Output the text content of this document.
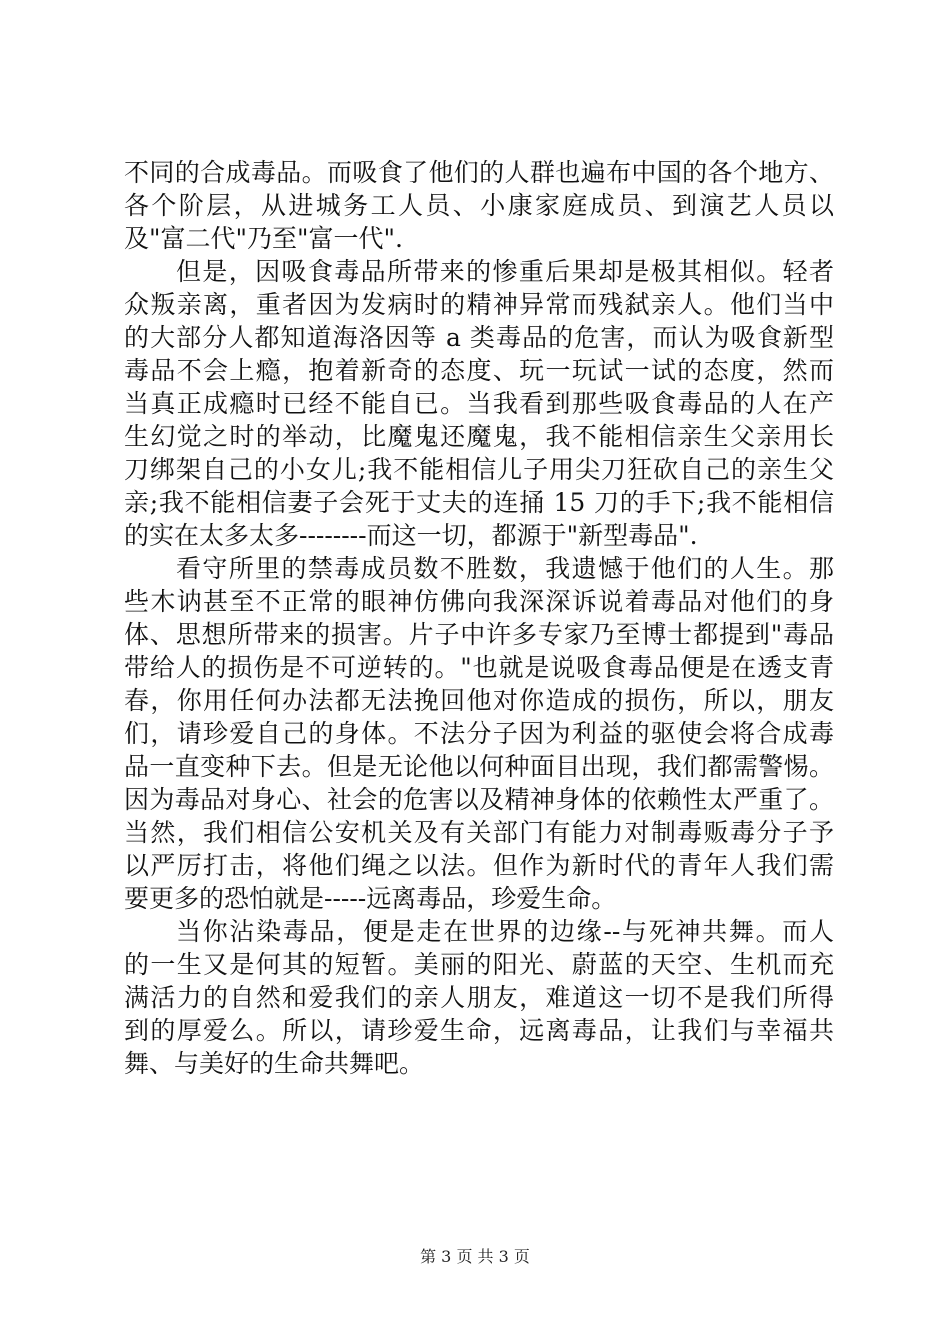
不同的合成毒品。而吸食了他们的人群也遍布中国的各个地方、
各个阶层，从进城务工人员、小康家庭成员、到演艺人员以
及"富二代"乃至"富一代".
但是，因吸食毒品所带来的惨重后果却是极其相似。轻者
众叛亲离，重者因为发病时的精神异常而残弑亲人。他们当中
的大部分人都知道海洛因等 a 类毒品的危害，而认为吸食新型
毒品不会上瘾，抱着新奇的态度、玩一玩试一试的态度，然而
当真正成瘾时已经不能自已。当我看到那些吸食毒品的人在产
生幻觉之时的举动，比魔鬼还魔鬼，我不能相信亲生父亲用长
刀绑架自己的小女儿;我不能相信儿子用尖刀狂砍自己的亲生父
亲;我不能相信妻子会死于丈夫的连捅 15 刀的手下;我不能相信
的实在太多太多--------而这一切，都源于"新型毒品".
看守所里的禁毒成员数不胜数，我遗憾于他们的人生。那
些木讷甚至不正常的眼神仿佛向我深深诉说着毒品对他们的身
体、思想所带来的损害。片子中许多专家乃至博士都提到"毒品
带给人的损伤是不可逆转的。"也就是说吸食毒品便是在透支青
春，你用任何办法都无法挽回他对你造成的损伤，所以，朋友
们，请珍爱自己的身体。不法分子因为利益的驱使会将合成毒
品一直变种下去。但是无论他以何种面目出现，我们都需警惕。
因为毒品对身心、社会的危害以及精神身体的依赖性太严重了。
当然，我们相信公安机关及有关部门有能力对制毒贩毒分子予
以严厉打击，将他们绳之以法。但作为新时代的青年人我们需
要更多的恐怕就是-----远离毒品，珍爱生命。
当你沾染毒品，便是走在世界的边缘--与死神共舞。而人
的一生又是何其的短暂。美丽的阳光、蔚蓝的天空、生机而充
满活力的自然和爱我们的亲人朋友，难道这一切不是我们所得
到的厚爱么。所以，请珍爱生命，远离毒品，让我们与幸福共
舞、与美好的生命共舞吧。
第 3 页 共 3 页
